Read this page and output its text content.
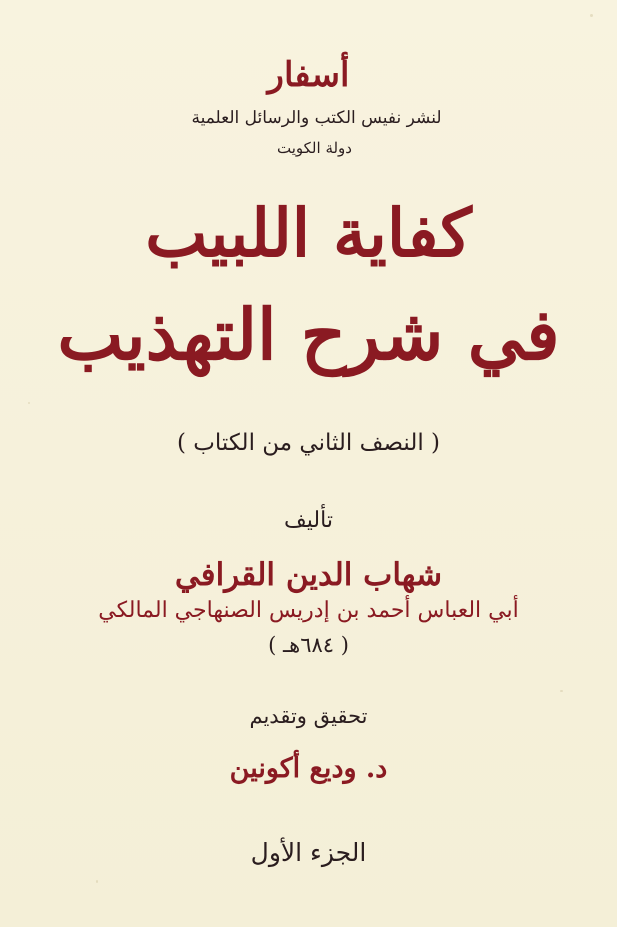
أسفار
لنشر نفيس الكتب والرسائل العلمية
دولة الكويت
كفاية اللبيب
في شرح التهذيب
( النصف الثاني من الكتاب )
تأليف
شهاب الدين القرافي
أبي العباس أحمد بن إدريس الصنهاجي المالكي
( ٦٨٤هـ )
تحقيق وتقديم
د. وديع أكونين
الجزء الأول
